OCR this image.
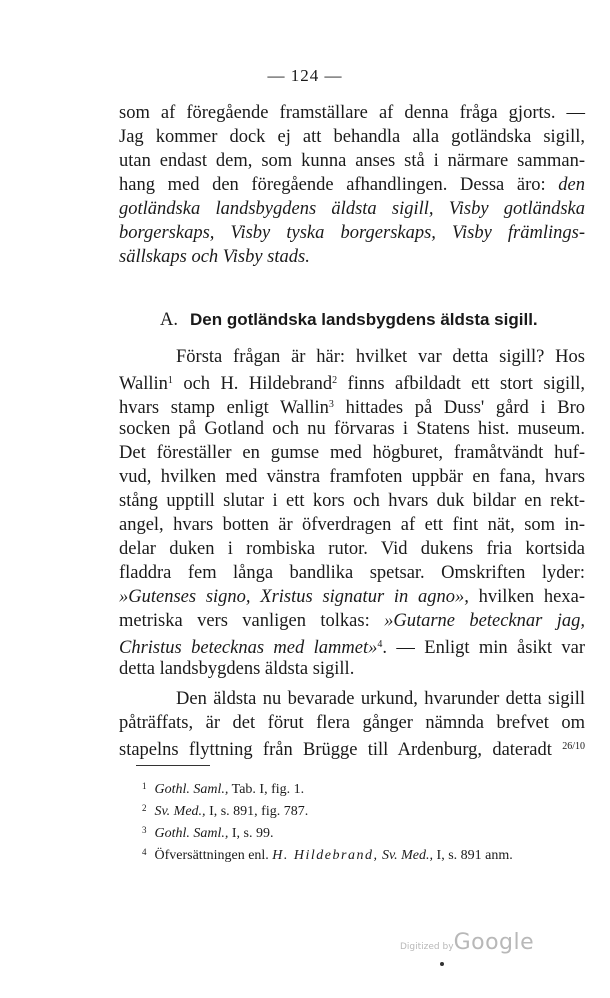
— 124 —
som af föregående framställare af denna fråga gjorts. —
Jag kommer dock ej att behandla alla gotländska sigill,
utan endast dem, som kunna anses stå i närmare samman-
hang med den föregående afhandlingen. Dessa äro: den
gotländska landsbygdens äldsta sigill, Visby gotländska
borgerskaps, Visby tyska borgerskaps, Visby främlings-
sällskaps och Visby stads.
A. Den gotländska landsbygdens äldsta sigill.
Första frågan är här: hvilket var detta sigill? Hos
Wallin$^1$ och H. Hildebrand$^2$ finns afbildadt ett stort sigill,
hvars stamp enligt Wallin$^3$ hittades på Duss' gård i Bro
socken på Gotland och nu förvaras i Statens hist. museum.
Det föreställer en gumse med högburet, framåtvändt huf-
vud, hvilken med vänstra framfoten uppbär en fana, hvars
stång upptill slutar i ett kors och hvars duk bildar en rekt-
angel, hvars botten är öfverdragen af ett fint nät, som in-
delar duken i rombiska rutor. Vid dukens fria kortsida
fladdra fem långa bandlika spetsar. Omskriften lyder:
»Gutenses signo, Xristus signatur in agno», hvilken hexa-
metriska vers vanligen tolkas: »Gutarne betecknar jag,
Christus betecknas med lammet»$^4$. — Enligt min åsikt var
detta landsbygdens äldsta sigill.
Den äldsta nu bevarade urkund, hvarunder detta sigill
påträffats, är det förut flera gånger nämnda brefvet om
stapelns flyttning från Brügge till Ardenburg, dateradt $^{26/10}$
$^1$ Gothl. Saml., Tab. I, fig. 1.
$^2$ Sv. Med., I, s. 891, fig. 787.
$^3$ Gothl. Saml., I, s. 99.
$^4$ Öfversättningen enl. H. Hildebrand, Sv. Med., I, s. 891 anm.
Digitized byGoogle
